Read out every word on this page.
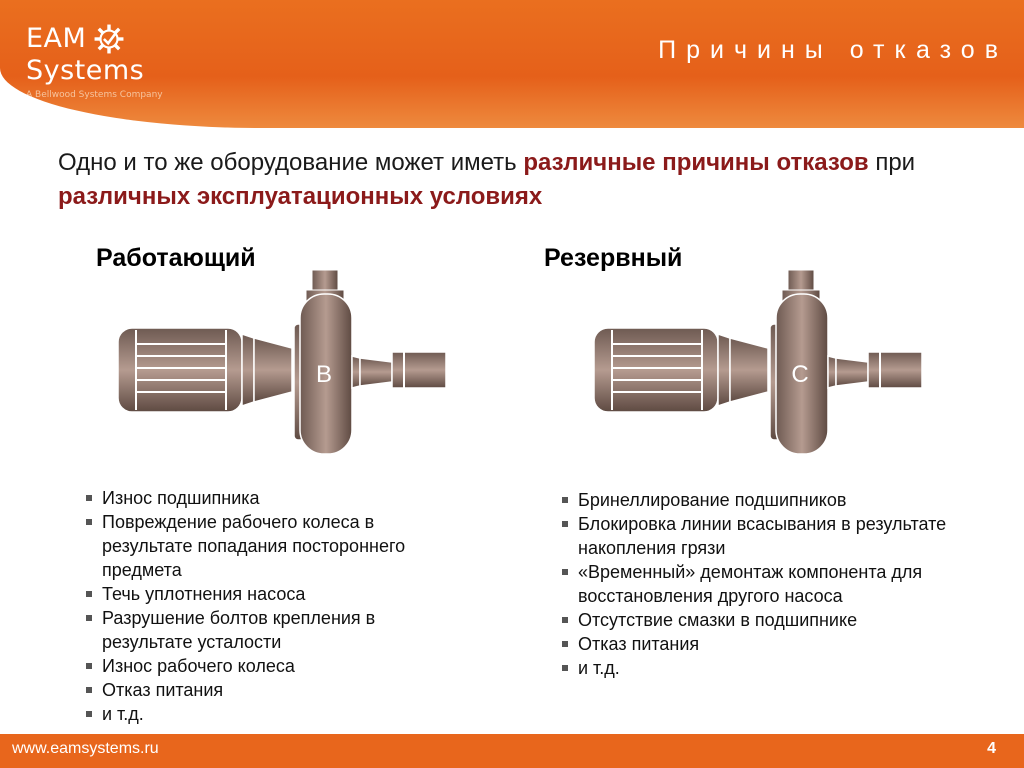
EAM
Systems
A Bellwood Systems Company
Причины отказов
Одно и то же оборудование может иметь различные причины отказов при различных эксплуатационных условиях
Работающий
B
Износ подшипника
Повреждение рабочего колеса в результате попадания постороннего предмета
Течь уплотнения насоса
Разрушение болтов крепления в результате усталости
Износ рабочего колеса
Отказ питания
и т.д.
Резервный
C
Бринеллирование подшипников
Блокировка линии всасывания в результате накопления грязи
«Временный» демонтаж компонента для восстановления другого насоса
Отсутствие смазки в подшипнике
Отказ питания
и т.д.
www.eamsystems.ru	4
